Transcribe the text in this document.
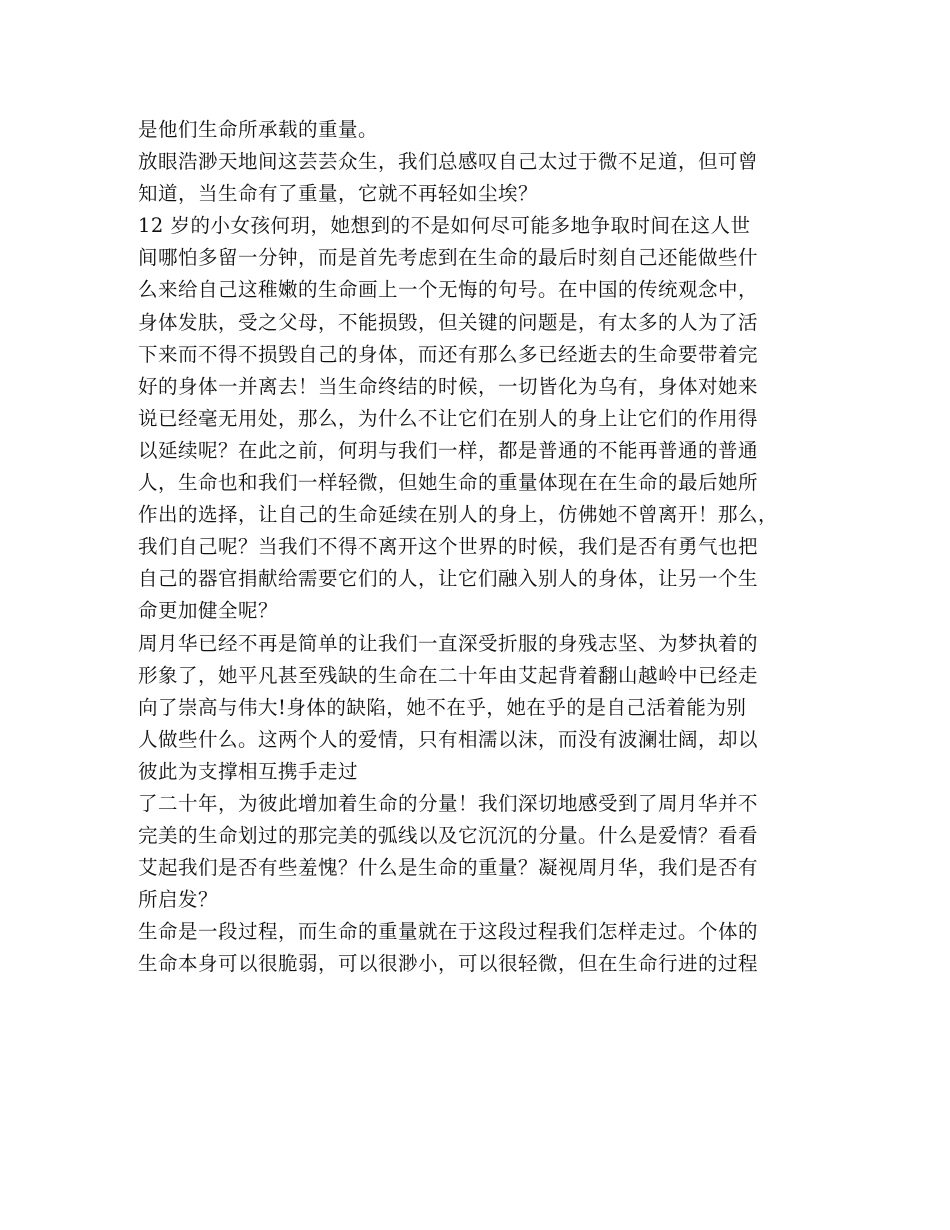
是他们生命所承载的重量。
放眼浩渺天地间这芸芸众生，我们总感叹自己太过于微不足道，但可曾
知道，当生命有了重量，它就不再轻如尘埃？
12 岁的小女孩何玥，她想到的不是如何尽可能多地争取时间在这人世
间哪怕多留一分钟，而是首先考虑到在生命的最后时刻自己还能做些什
么来给自己这稚嫩的生命画上一个无悔的句号。在中国的传统观念中，
身体发肤，受之父母，不能损毁，但关键的问题是，有太多的人为了活
下来而不得不损毁自己的身体，而还有那么多已经逝去的生命要带着完
好的身体一并离去！当生命终结的时候，一切皆化为乌有，身体对她来
说已经毫无用处，那么，为什么不让它们在别人的身上让它们的作用得
以延续呢？在此之前，何玥与我们一样，都是普通的不能再普通的普通
人，生命也和我们一样轻微，但她生命的重量体现在在生命的最后她所
作出的选择，让自己的生命延续在别人的身上，仿佛她不曾离开！那么，
我们自己呢？当我们不得不离开这个世界的时候，我们是否有勇气也把
自己的器官捐献给需要它们的人，让它们融入别人的身体，让另一个生
命更加健全呢？
周月华已经不再是简单的让我们一直深受折服的身残志坚、为梦执着的
形象了，她平凡甚至残缺的生命在二十年由艾起背着翻山越岭中已经走
向了崇高与伟大!身体的缺陷，她不在乎，她在乎的是自己活着能为别
人做些什么。这两个人的爱情，只有相濡以沫，而没有波澜壮阔，却以
彼此为支撑相互携手走过
了二十年，为彼此增加着生命的分量！我们深切地感受到了周月华并不
完美的生命划过的那完美的弧线以及它沉沉的分量。什么是爱情？看看
艾起我们是否有些羞愧？什么是生命的重量？凝视周月华，我们是否有
所启发？
生命是一段过程，而生命的重量就在于这段过程我们怎样走过。个体的
生命本身可以很脆弱，可以很渺小，可以很轻微，但在生命行进的过程
